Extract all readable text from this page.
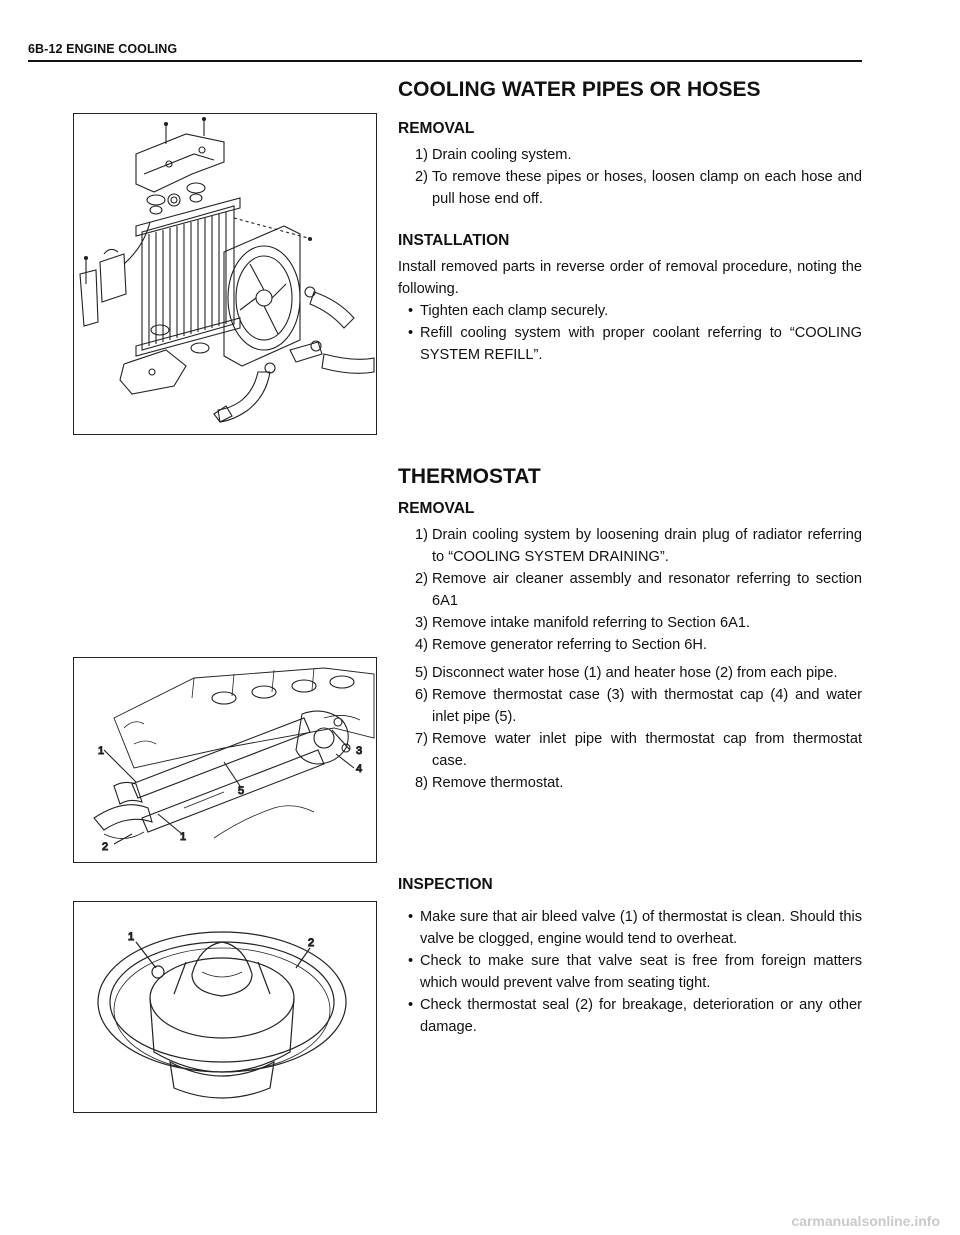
6B-12 ENGINE COOLING
COOLING WATER PIPES OR HOSES
REMOVAL
1) Drain cooling system.
2) To remove these pipes or hoses, loosen clamp on each hose and pull hose end off.
INSTALLATION

Install removed parts in reverse order of removal procedure, noting the following.

• Tighten each clamp securely.
• Refill cooling system with proper coolant referring to “COOLING SYSTEM REFILL”.
THERMOSTAT
REMOVAL
1) Drain cooling system by loosening drain plug of radiator referring to “COOLING SYSTEM DRAINING”.
2) Remove air cleaner assembly and resonator referring to section 6A1
3) Remove intake manifold referring to Section 6A1.
4) Remove generator referring to Section 6H.
5) Disconnect water hose (1) and heater hose (2) from each pipe.
6) Remove thermostat case (3) with thermostat cap (4) and water inlet pipe (5).
7) Remove water inlet pipe with thermostat cap from thermostat case.
8) Remove thermostat.
1
2
1
3
4
5
INSPECTION
• Make sure that air bleed valve (1) of thermostat is clean. Should this valve be clogged, engine would tend to overheat.
• Check to make sure that valve seat is free from foreign matters which would prevent valve from seating tight.
• Check thermostat seal (2) for breakage, deterioration or any other damage.
1	2
carmanualsonline.info
